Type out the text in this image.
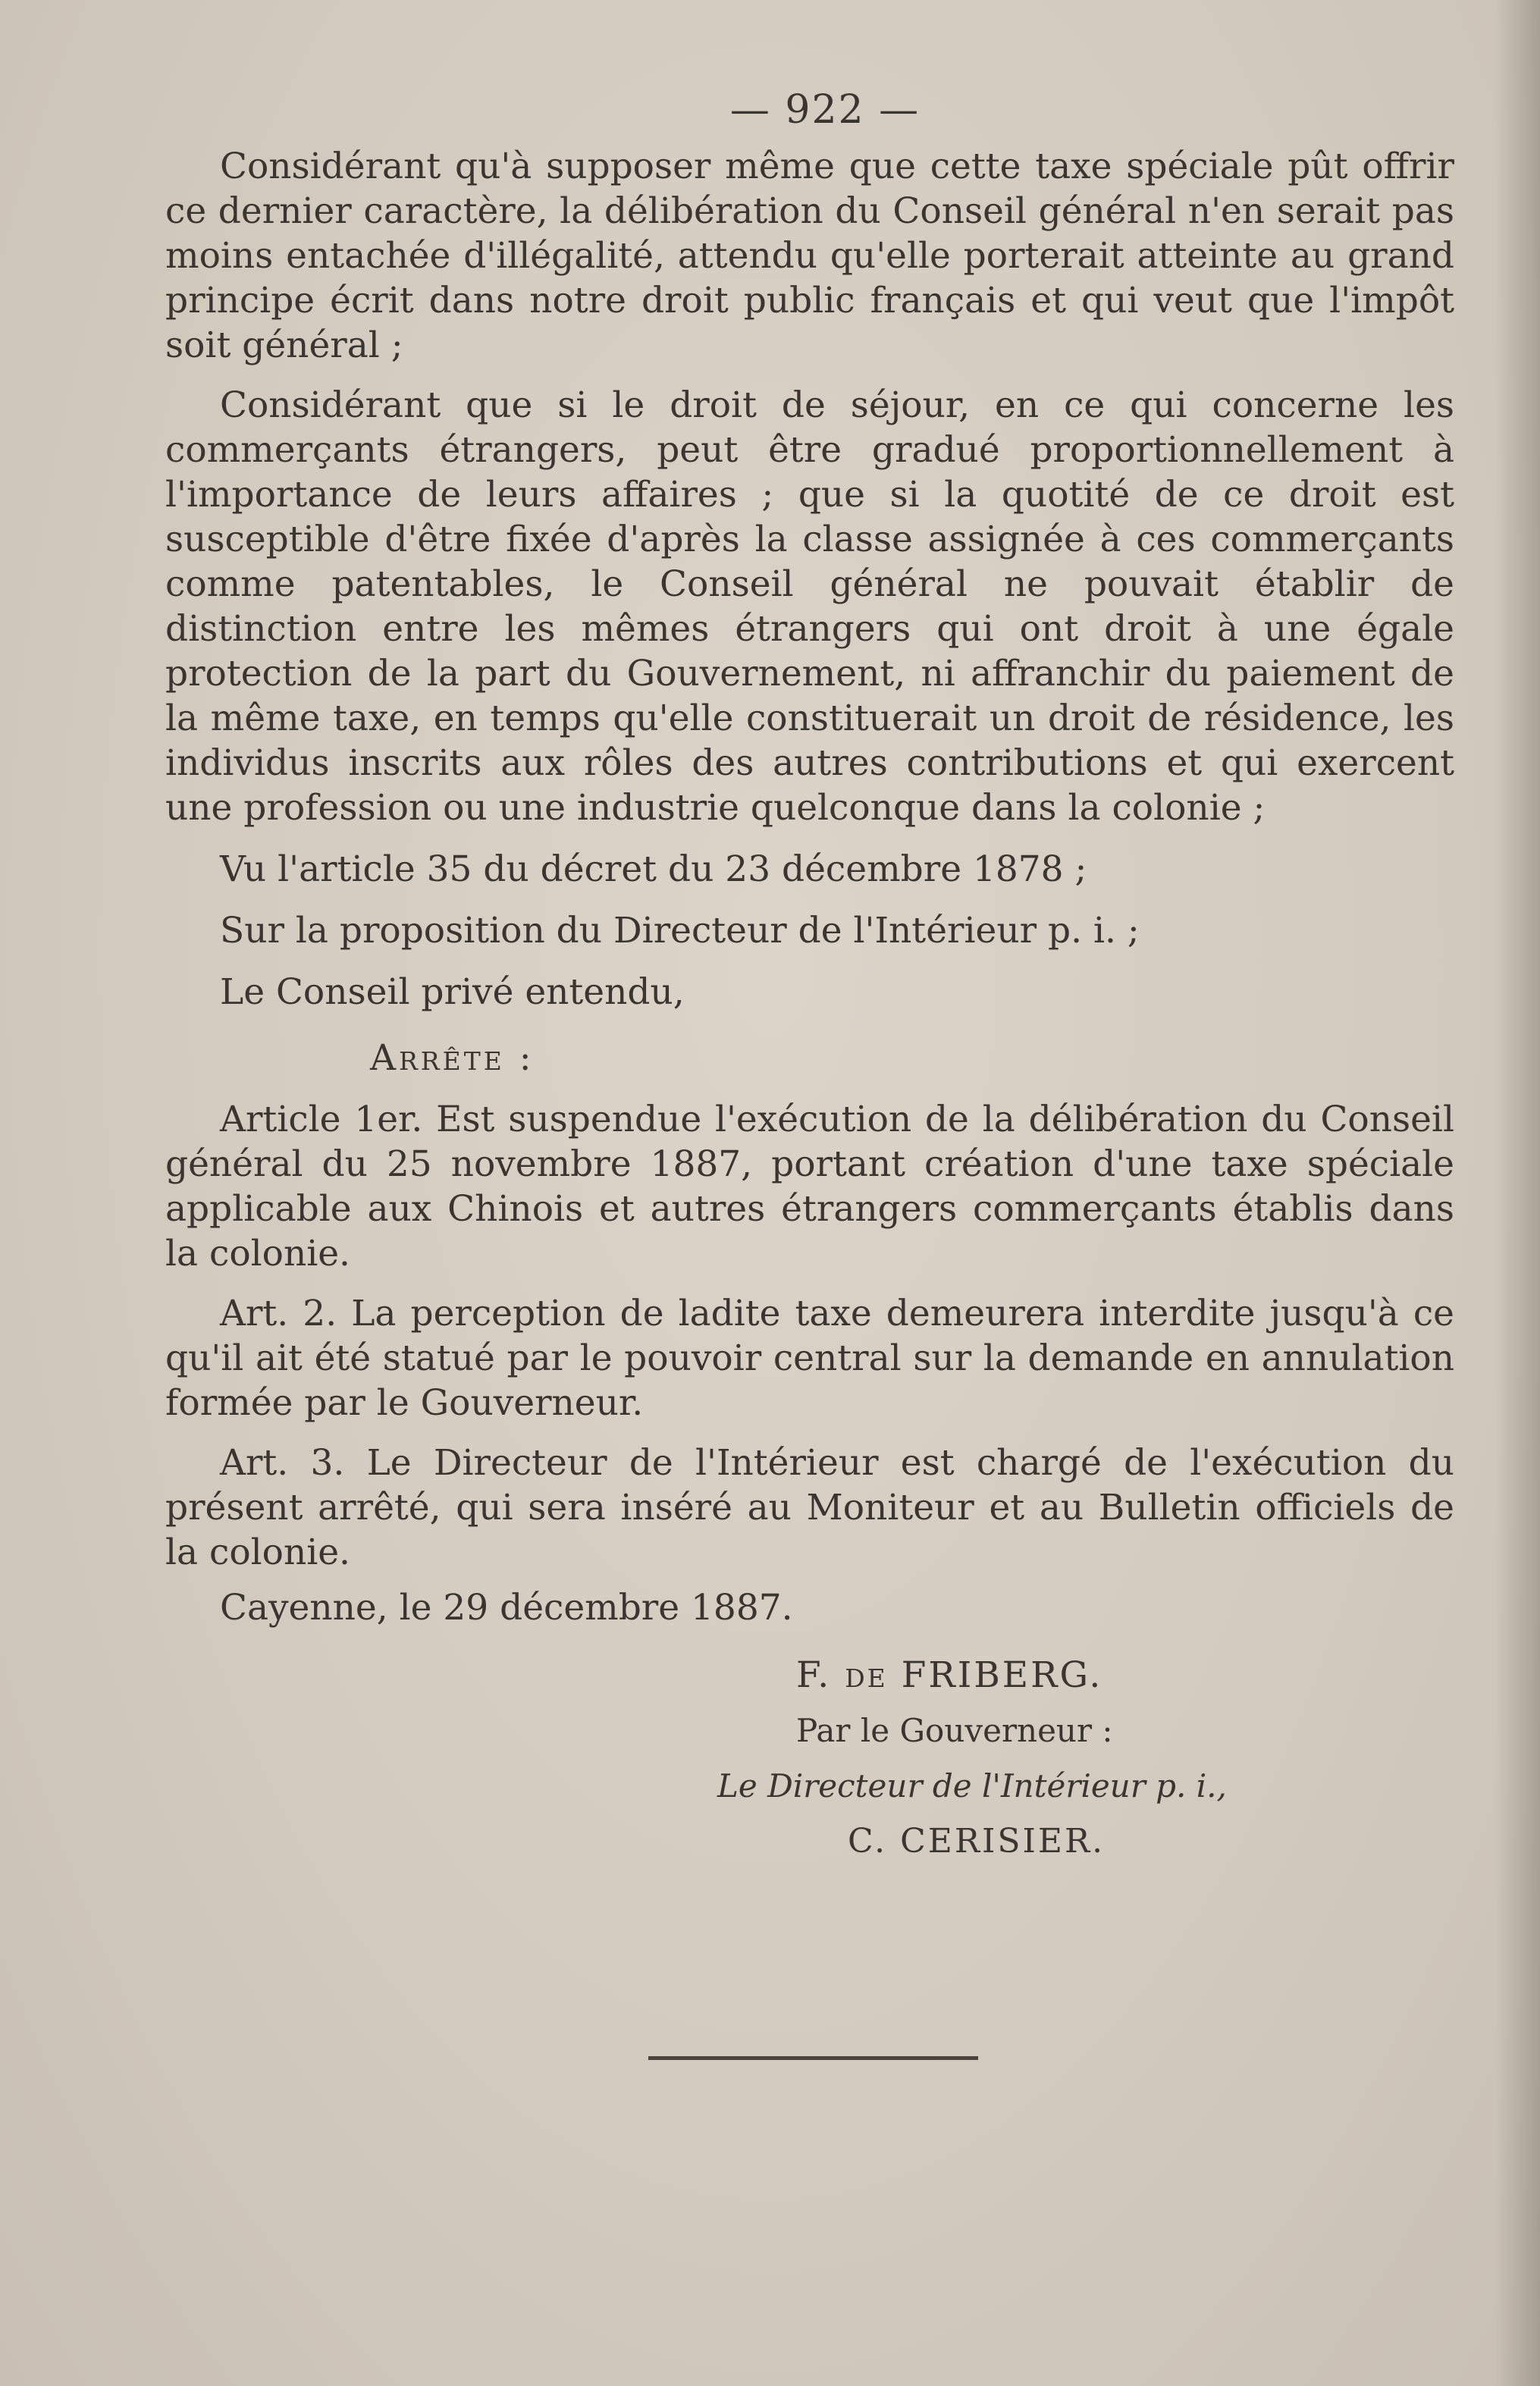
— 922 —

Considérant qu'à supposer même que cette taxe spéciale pût offrir ce dernier caractère, la délibération du Conseil général n'en serait pas moins entachée d'illégalité, attendu qu'elle porterait atteinte au grand principe écrit dans notre droit public français et qui veut que l'impôt soit général ;

Considérant que si le droit de séjour, en ce qui concerne les commerçants étrangers, peut être gradué proportionnellement à l'importance de leurs affaires ; que si la quotité de ce droit est susceptible d'être fixée d'après la classe assignée à ces commerçants comme patentables, le Conseil général ne pouvait établir de distinction entre les mêmes étrangers qui ont droit à une égale protection de la part du Gouvernement, ni affranchir du paiement de la même taxe, en temps qu'elle constituerait un droit de résidence, les individus inscrits aux rôles des autres contributions et qui exercent une profession ou une industrie quelconque dans la colonie ;

Vu l'article 35 du décret du 23 décembre 1878 ;

Sur la proposition du Directeur de l'Intérieur p. i. ;

Le Conseil privé entendu,

Arrête :

Article 1er. Est suspendue l'exécution de la délibération du Conseil général du 25 novembre 1887, portant création d'une taxe spéciale applicable aux Chinois et autres étrangers commerçants établis dans la colonie.

Art. 2. La perception de ladite taxe demeurera interdite jusqu'à ce qu'il ait été statué par le pouvoir central sur la demande en annulation formée par le Gouverneur.

Art. 3. Le Directeur de l'Intérieur est chargé de l'exécution du présent arrêté, qui sera inséré au Moniteur et au Bulletin officiels de la colonie.

Cayenne, le 29 décembre 1887.

F. de FRIBERG.
Par le Gouverneur :
Le Directeur de l'Intérieur p. i.,
C. CERISIER.
